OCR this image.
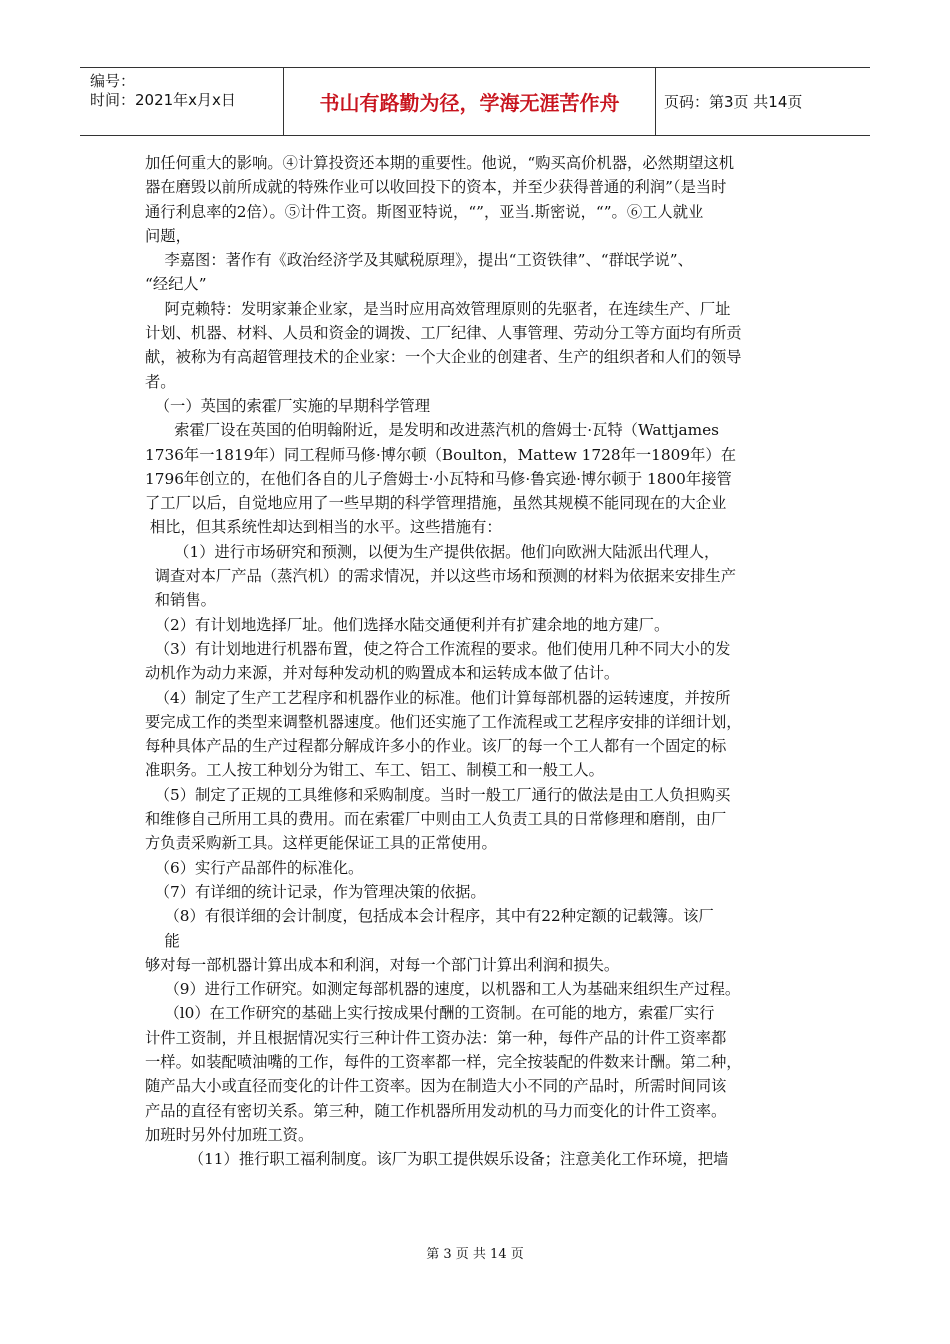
编号：
时间：2021年x月x日	书山有路勤为径，学海无涯苦作舟	页码：第3页 共14页
加任何重大的影响。④计算投资还本期的重要性。他说，“购买高价机器，必然期望这机
器在磨毁以前所成就的特殊作业可以收回投下的资本，并至少获得普通的利润”（是当时
通行利息率的2倍）。⑤计件工资。斯图亚特说，“”，亚当.斯密说，“”。⑥工人就业
问题，
李嘉图：著作有《政治经济学及其赋税原理》，提出“工资铁律”、“群氓学说”、
“经纪人”
阿克赖特：发明家兼企业家，是当时应用高效管理原则的先驱者，在连续生产、厂址
计划、机器、材料、人员和资金的调拨、工厂纪律、人事管理、劳动分工等方面均有所贡
献，被称为有高超管理技术的企业家：一个大企业的创建者、生产的组织者和人们的领导
者。
（一）英国的索霍厂实施的早期科学管理
索霍厂设在英国的伯明翰附近，是发明和改进蒸汽机的詹姆士·瓦特（Wattjames
1736年一1819年）同工程师马修·博尔顿（Boulton，Mattew 1728年一1809年）在
1796年创立的，在他们各自的儿子詹姆士·小瓦特和马修·鲁宾逊·博尔顿于 1800年接管
了工厂以后，自觉地应用了一些早期的科学管理措施，虽然其规模不能同现在的大企业
相比，但其系统性却达到相当的水平。这些措施有：
（1）进行市场研究和预测，以便为生产提供依据。他们向欧洲大陆派出代理人，
调查对本厂产品（蒸汽机）的需求情况，并以这些市场和预测的材料为依据来安排生产
和销售。
（2）有计划地选择厂址。他们选择水陆交通便利并有扩建余地的地方建厂。
（3）有计划地进行机器布置，使之符合工作流程的要求。他们使用几种不同大小的发
动机作为动力来源，并对每种发动机的购置成本和运转成本做了估计。
（4）制定了生产工艺程序和机器作业的标准。他们计算每部机器的运转速度，并按所
要完成工作的类型来调整机器速度。他们还实施了工作流程或工艺程序安排的详细计划，
每种具体产品的生产过程都分解成许多小的作业。该厂的每一个工人都有一个固定的标
准职务。工人按工种划分为钳工、车工、铝工、制模工和一般工人。
（5）制定了正规的工具维修和采购制度。当时一般工厂通行的做法是由工人负担购买
和维修自己所用工具的费用。而在索霍厂中则由工人负责工具的日常修理和磨削，由厂
方负责采购新工具。这样更能保证工具的正常使用。
（6）实行产品部件的标准化。
（7）有详细的统计记录，作为管理决策的依据。
（8）有很详细的会计制度，包括成本会计程序，其中有22种定额的记载簿。该厂
能
够对每一部机器计算出成本和利润，对每一个部门计算出利润和损失。
（9）进行工作研究。如测定每部机器的速度，以机器和工人为基础来组织生产过程。
（l0）在工作研究的基础上实行按成果付酬的工资制。在可能的地方，索霍厂实行
计件工资制，并且根据情况实行三种计件工资办法：第一种，每件产品的计件工资率都
一样。如装配喷油嘴的工作，每件的工资率都一样，完全按装配的件数来计酬。第二种，
随产品大小或直径而变化的计件工资率。因为在制造大小不同的产品时，所需时间同该
产品的直径有密切关系。第三种，随工作机器所用发动机的马力而变化的计件工资率。
加班时另外付加班工资。
（11）推行职工福利制度。该厂为职工提供娱乐设备；注意美化工作环境，把墙
第 3 页 共 14 页
